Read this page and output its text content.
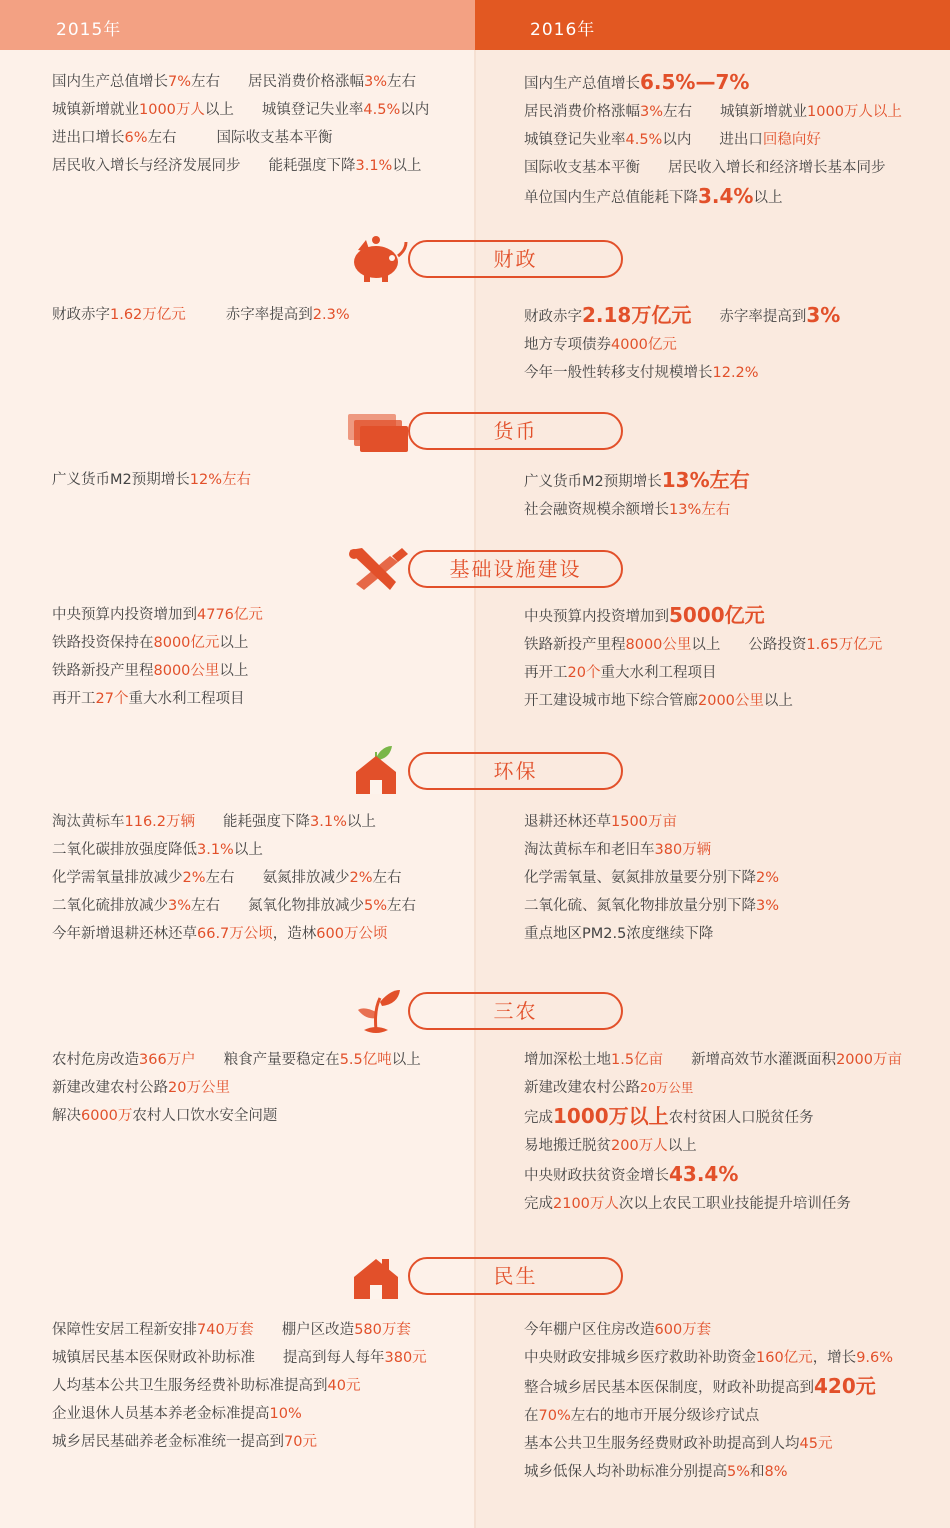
2015年	2016年

国内生产总值增长7%左右 居民消费价格涨幅3%左右

城镇新增就业1000万人以上 城镇登记失业率4.5%以内

进出口增长6%左右	国际收支基本平衡

居民收入增长与经济发展同步 能耗强度下降3.1%以上

国内生产总值增长6.5%—7%

居民消费价格涨幅3%左右 城镇新增就业1000万人以上

城镇登记失业率4.5%以内 进出口回稳向好

国际收支基本平衡 居民收入增长和经济增长基本同步

单位国内生产总值能耗下降3.4%以上

财政

财政赤字1.62万亿元	赤字率提高到2.3%	财政赤字2.18万亿元 赤字率提高到3%

地方专项债券4000亿元

今年一般性转移支付规模增长12.2%

货币

广义货币M2预期增长12%左右	广义货币M2预期增长13%左右

社会融资规模余额增长13%左右

基础设施建设

中央预算内投资增加到4776亿元

铁路投资保持在8000亿元以上

铁路新投产里程8000公里以上

再开工27个重大水利工程项目

中央预算内投资增加到5000亿元

铁路新投产里程8000公里以上 公路投资1.65万亿元

再开工20个重大水利工程项目

开工建设城市地下综合管廊2000公里以上

环保

淘汰黄标车116.2万辆 能耗强度下降3.1%以上

二氧化碳排放强度降低3.1%以上

化学需氧量排放减少2%左右 氨氮排放减少2%左右

二氧化硫排放减少3%左右 氮氧化物排放减少5%左右

今年新增退耕还林还草66.7万公顷，造林600万公顷

退耕还林还草1500万亩

淘汰黄标车和老旧车380万辆

化学需氧量、氨氮排放量要分别下降2%

二氧化硫、氮氧化物排放量分别下降3%

重点地区PM2.5浓度继续下降

三农

农村危房改造366万户 粮食产量要稳定在5.5亿吨以上

新建改建农村公路20万公里

解决6000万农村人口饮水安全问题

增加深松土地1.5亿亩 新增高效节水灌溉面积2000万亩

新建改建农村公路20万公里

完成1000万以上农村贫困人口脱贫任务

易地搬迁脱贫200万人以上

中央财政扶贫资金增长43.4%

完成2100万人次以上农民工职业技能提升培训任务

民生

保障性安居工程新安排740万套 棚户区改造580万套

城镇居民基本医保财政补助标准 提高到每人每年380元

人均基本公共卫生服务经费补助标准提高到40元

企业退休人员基本养老金标准提高10%

城乡居民基础养老金标准统一提高到70元

今年棚户区住房改造600万套

中央财政安排城乡医疗救助补助资金160亿元，增长9.6%

整合城乡居民基本医保制度，财政补助提高到420元

在70%左右的地市开展分级诊疗试点

基本公共卫生服务经费财政补助提高到人均45元

城乡低保人均补助标准分别提高5%和8%
